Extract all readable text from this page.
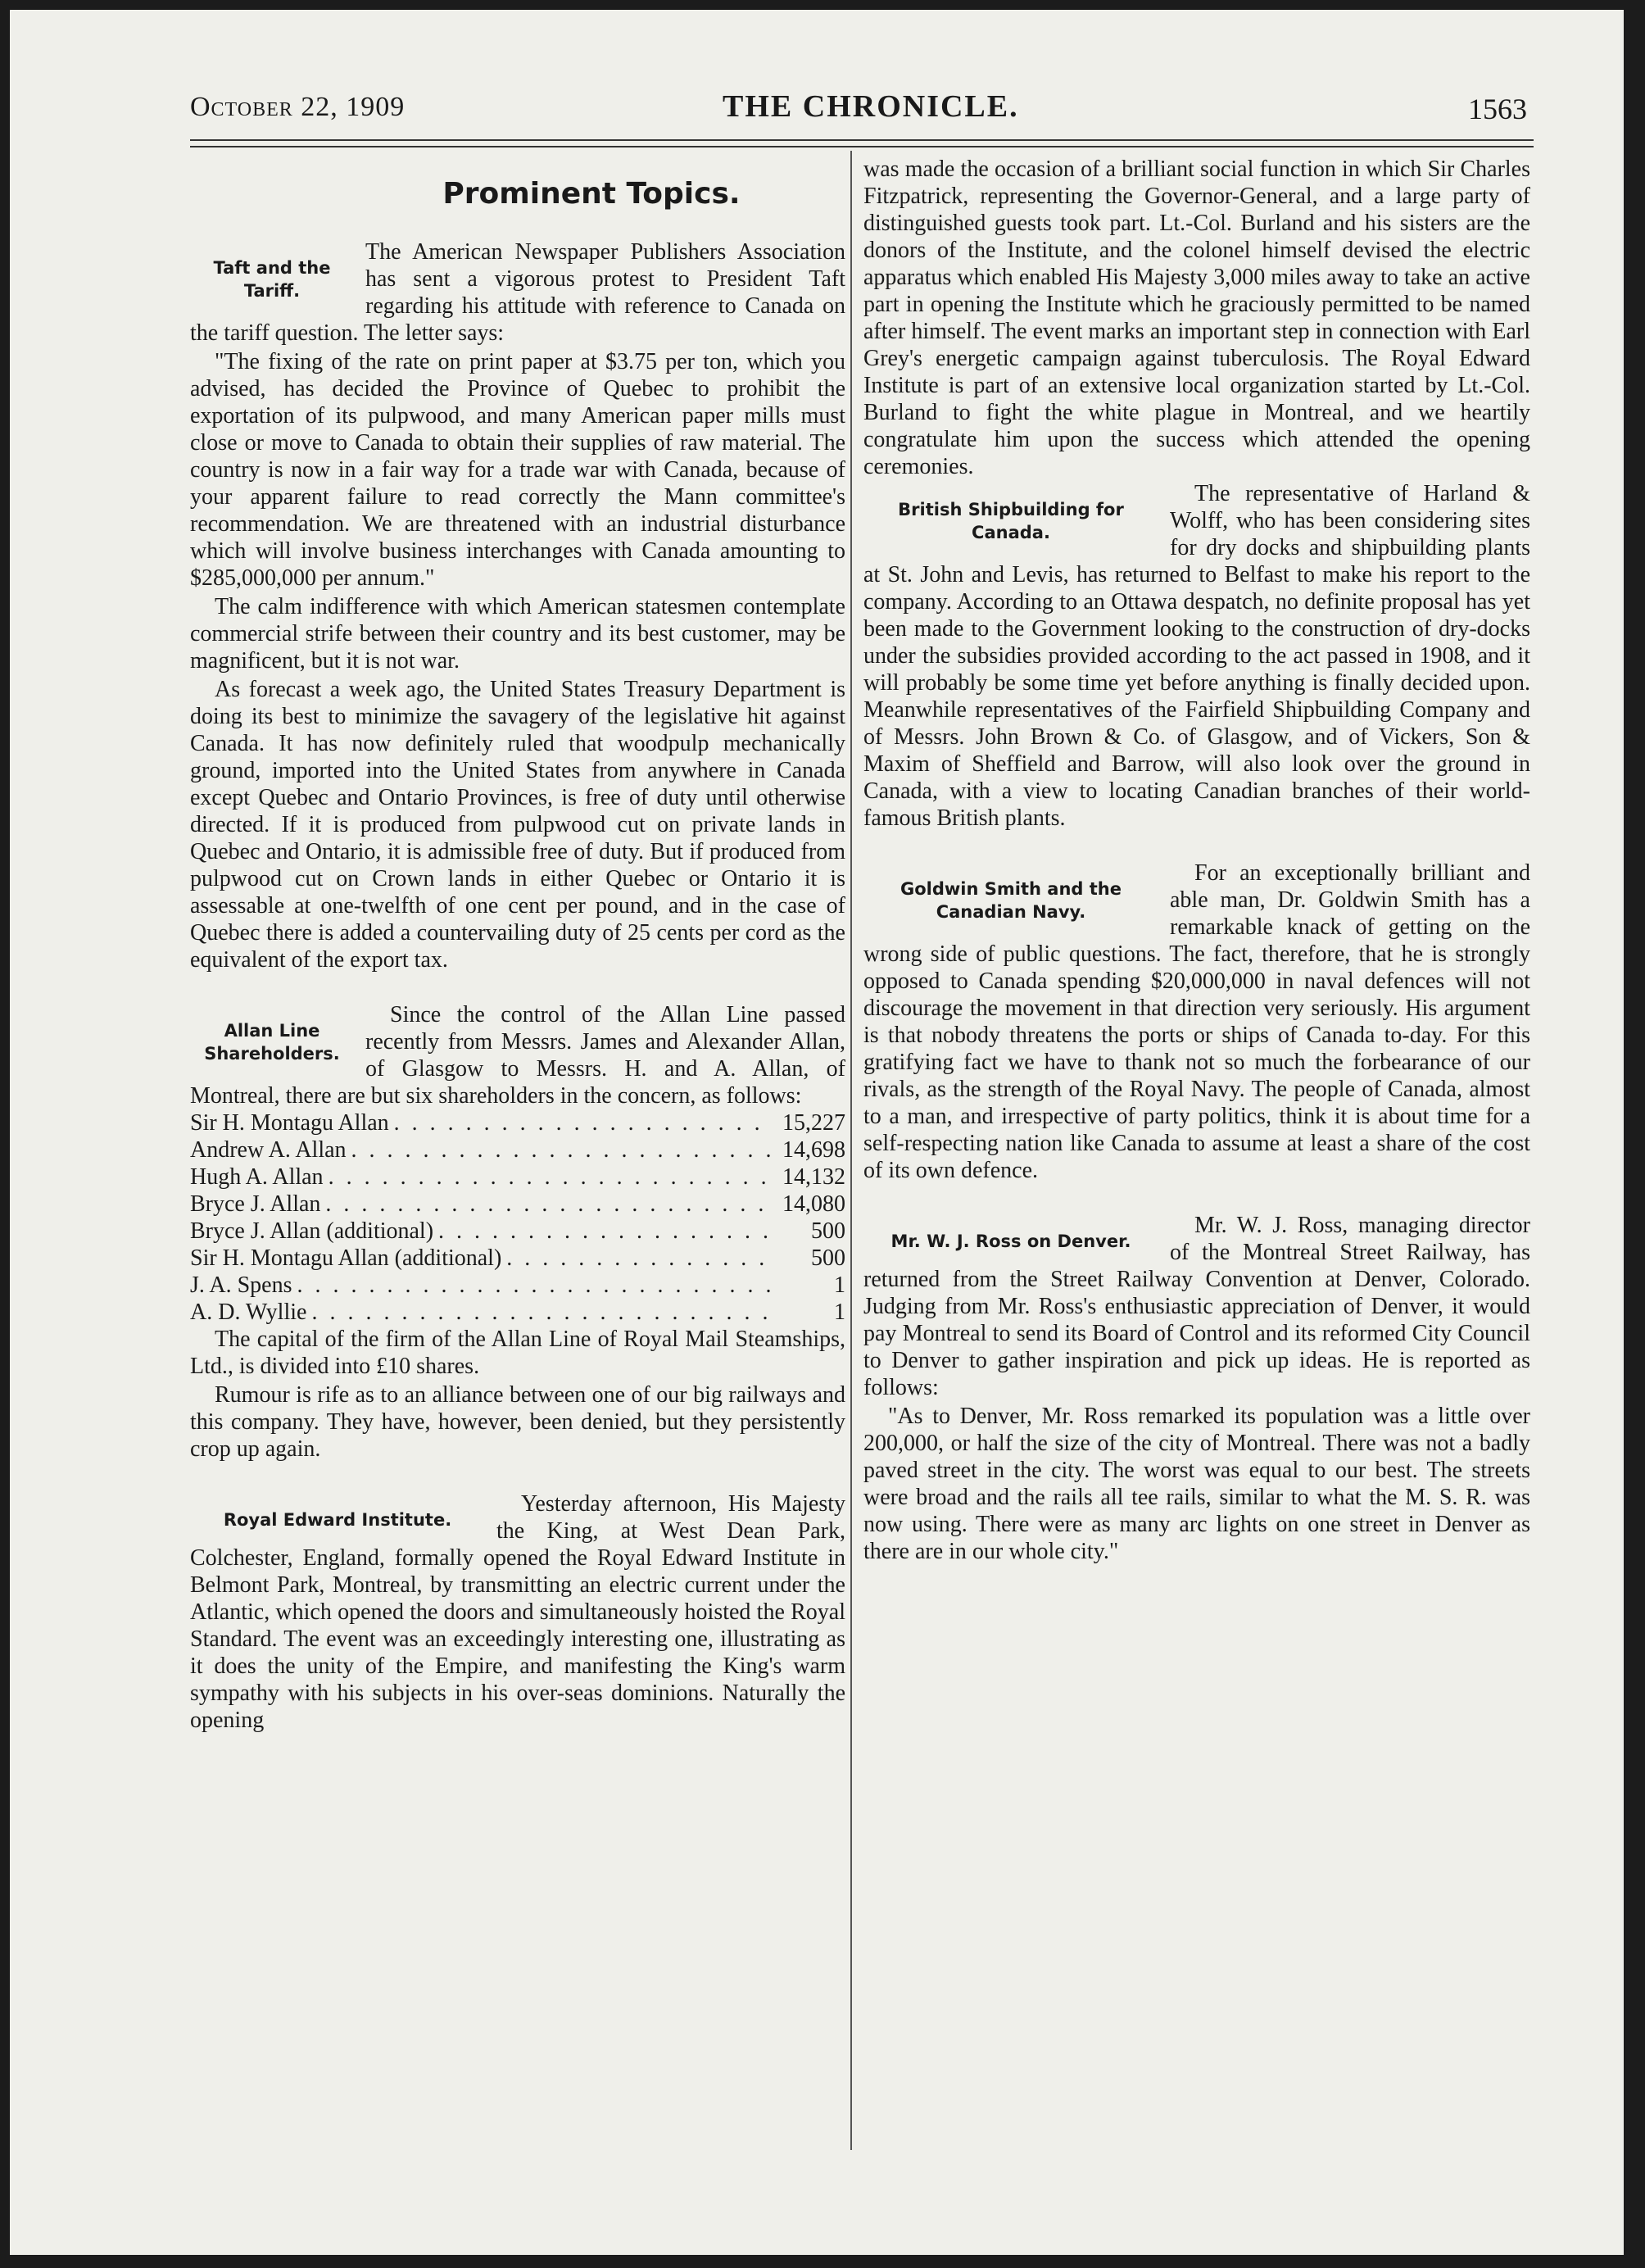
October 22, 1909	THE CHRONICLE.	1563
Prominent Topics.
Taft and the Tariff.

The American Newspaper Publishers Association has sent a vigorous protest to President Taft regarding his attitude with reference to Canada on the tariff question. The letter says:

"The fixing of the rate on print paper at $3.75 per ton, which you advised, has decided the Province of Quebec to prohibit the exportation of its pulpwood, and many American paper mills must close or move to Canada to obtain their supplies of raw material. The country is now in a fair way for a trade war with Canada, because of your apparent failure to read correctly the Mann committee's recommendation. We are threatened with an industrial disturbance which will involve business interchanges with Canada amounting to $285,000,000 per annum."

The calm indifference with which American statesmen contemplate commercial strife between their country and its best customer, may be magnificent, but it is not war.

As forecast a week ago, the United States Treasury Department is doing its best to minimize the savagery of the legislative hit against Canada. It has now definitely ruled that woodpulp mechanically ground, imported into the United States from anywhere in Canada except Quebec and Ontario Provinces, is free of duty until otherwise directed. If it is produced from pulpwood cut on private lands in Quebec and Ontario, it is admissible free of duty. But if produced from pulpwood cut on Crown lands in either Quebec or Ontario it is assessable at one-twelfth of one cent per pound, and in the case of Quebec there is added a countervailing duty of 25 cents per cord as the equivalent of the export tax.

Allan Line Shareholders.

Since the control of the Allan Line passed recently from Messrs. James and Alexander Allan, of Glasgow to Messrs. H. and A. Allan, of Montreal, there are but six shareholders in the concern, as follows:

Sir H. Montagu Allan . . .	15,227
Andrew A. Allan . . .	14,698
Hugh A. Allan . . .	14,132
Bryce J. Allan . . .	14,080
Bryce J. Allan (additional) . . .	500
Sir H. Montagu Allan (additional) . . .	500
J. A. Spens . . .	1
A. D. Wyllie . . .	1

The capital of the firm of the Allan Line of Royal Mail Steamships, Ltd., is divided into £10 shares.

Rumour is rife as to an alliance between one of our big railways and this company. They have, however, been denied, but they persistently crop up again.

Royal Edward Institute.

Yesterday afternoon, His Majesty the King, at West Dean Park, Colchester, England, formally opened the Royal Edward Institute in Belmont Park, Montreal, by transmitting an electric current under the Atlantic, which opened the doors and simultaneously hoisted the Royal Standard. The event was an exceedingly interesting one, illustrating as it does the unity of the Empire, and manifesting the King's warm sympathy with his subjects in his over-seas dominions. Naturally the opening

was made the occasion of a brilliant social function in which Sir Charles Fitzpatrick, representing the Governor-General, and a large party of distinguished guests took part. Lt.-Col. Burland and his sisters are the donors of the Institute, and the colonel himself devised the electric apparatus which enabled His Majesty 3,000 miles away to take an active part in opening the Institute which he graciously permitted to be named after himself. The event marks an important step in connection with Earl Grey's energetic campaign against tuberculosis. The Royal Edward Institute is part of an extensive local organization started by Lt.-Col. Burland to fight the white plague in Montreal, and we heartily congratulate him upon the success which attended the opening ceremonies.

British Shipbuilding for Canada.

The representative of Harland & Wolff, who has been considering sites for dry docks and shipbuilding plants at St. John and Levis, has returned to Belfast to make his report to the company. According to an Ottawa despatch, no definite proposal has yet been made to the Government looking to the construction of dry-docks under the subsidies provided according to the act passed in 1908, and it will probably be some time yet before anything is finally decided upon. Meanwhile representatives of the Fairfield Shipbuilding Company and of Messrs. John Brown & Co. of Glasgow, and of Vickers, Son & Maxim of Sheffield and Barrow, will also look over the ground in Canada, with a view to locating Canadian branches of their world-famous British plants.

Goldwin Smith and the Canadian Navy.

For an exceptionally brilliant and able man, Dr. Goldwin Smith has a remarkable knack of getting on the wrong side of public questions. The fact, therefore, that he is strongly opposed to Canada spending $20,000,000 in naval defences will not discourage the movement in that direction very seriously. His argument is that nobody threatens the ports or ships of Canada to-day. For this gratifying fact we have to thank not so much the forbearance of our rivals, as the strength of the Royal Navy. The people of Canada, almost to a man, and irrespective of party politics, think it is about time for a self-respecting nation like Canada to assume at least a share of the cost of its own defence.

Mr. W. J. Ross on Denver.

Mr. W. J. Ross, managing director of the Montreal Street Railway, has returned from the Street Railway Convention at Denver, Colorado. Judging from Mr. Ross's enthusiastic appreciation of Denver, it would pay Montreal to send its Board of Control and its reformed City Council to Denver to gather inspiration and pick up ideas. He is reported as follows:

"As to Denver, Mr. Ross remarked its population was a little over 200,000, or half the size of the city of Montreal. There was not a badly paved street in the city. The worst was equal to our best. The streets were broad and the rails all tee rails, similar to what the M. S. R. was now using. There were as many arc lights on one street in Denver as there are in our whole city."
